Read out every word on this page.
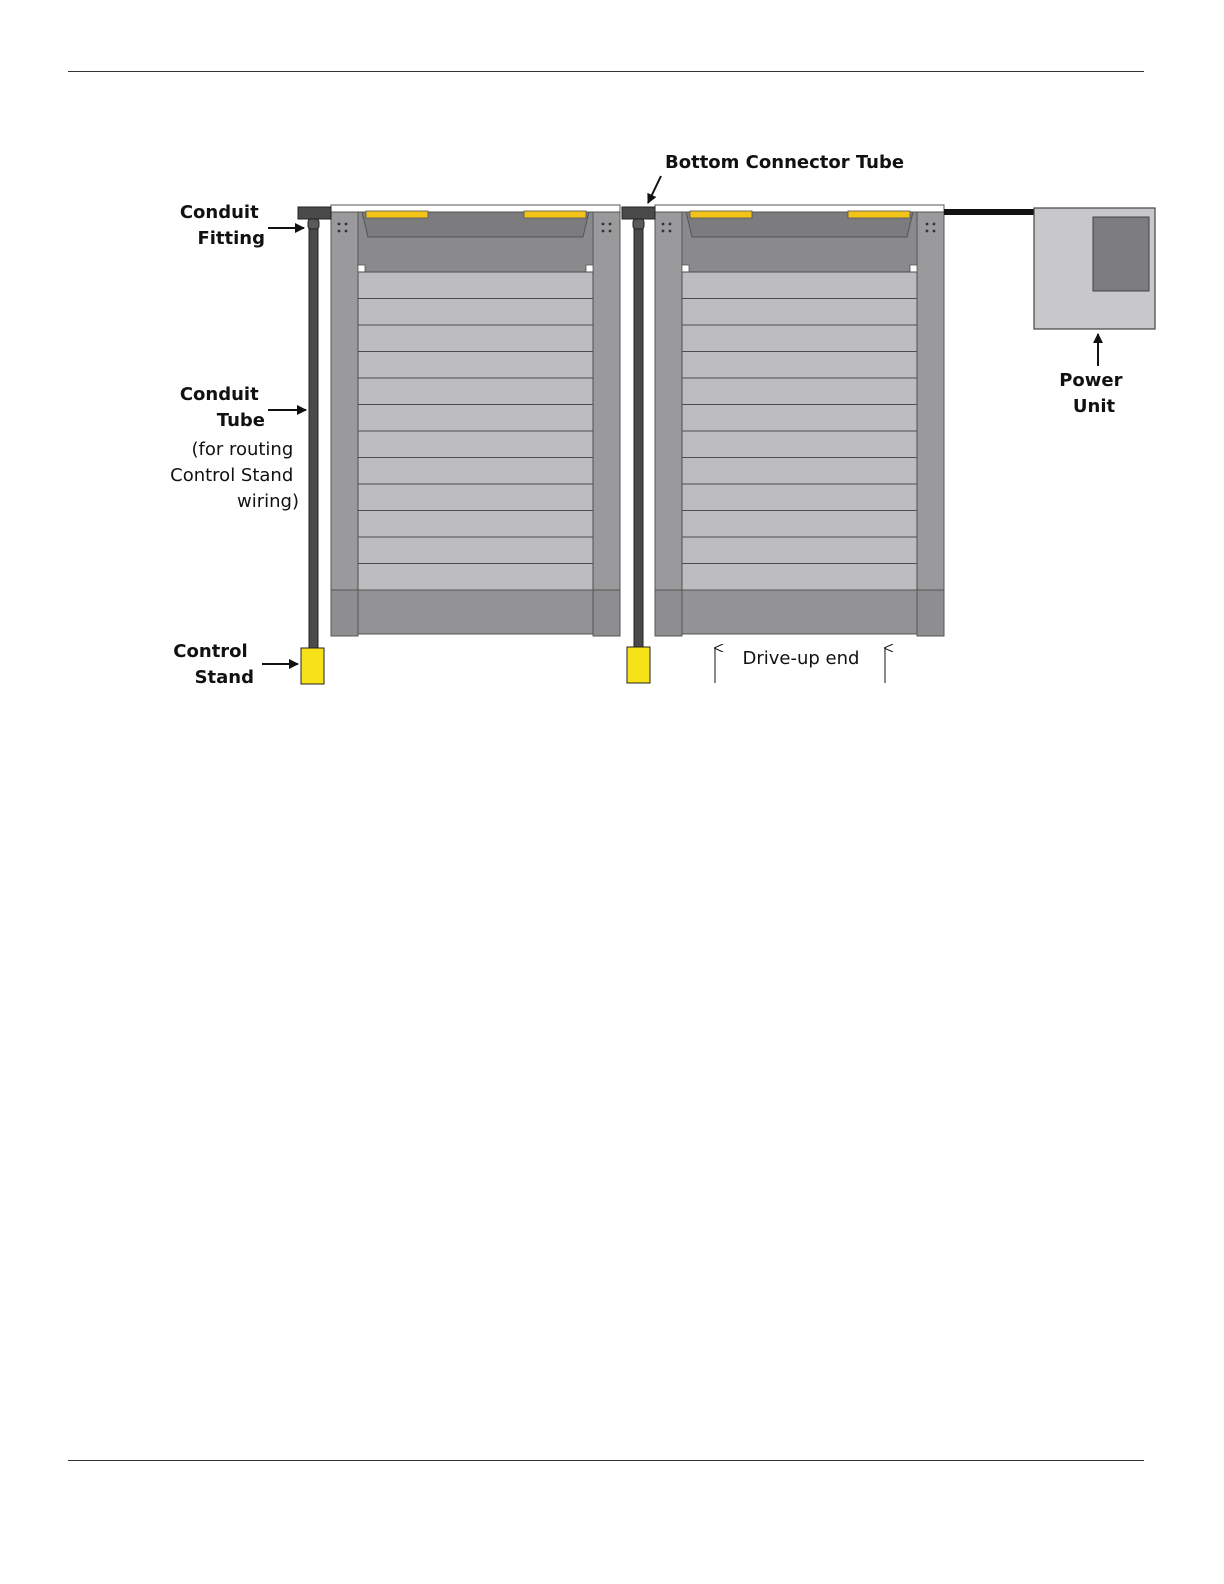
Conduit Fitting
Conduit Tube
(for routing Control Stand wiring)
Control Stand
Bottom Connector Tube
Power Unit
Drive-up end
